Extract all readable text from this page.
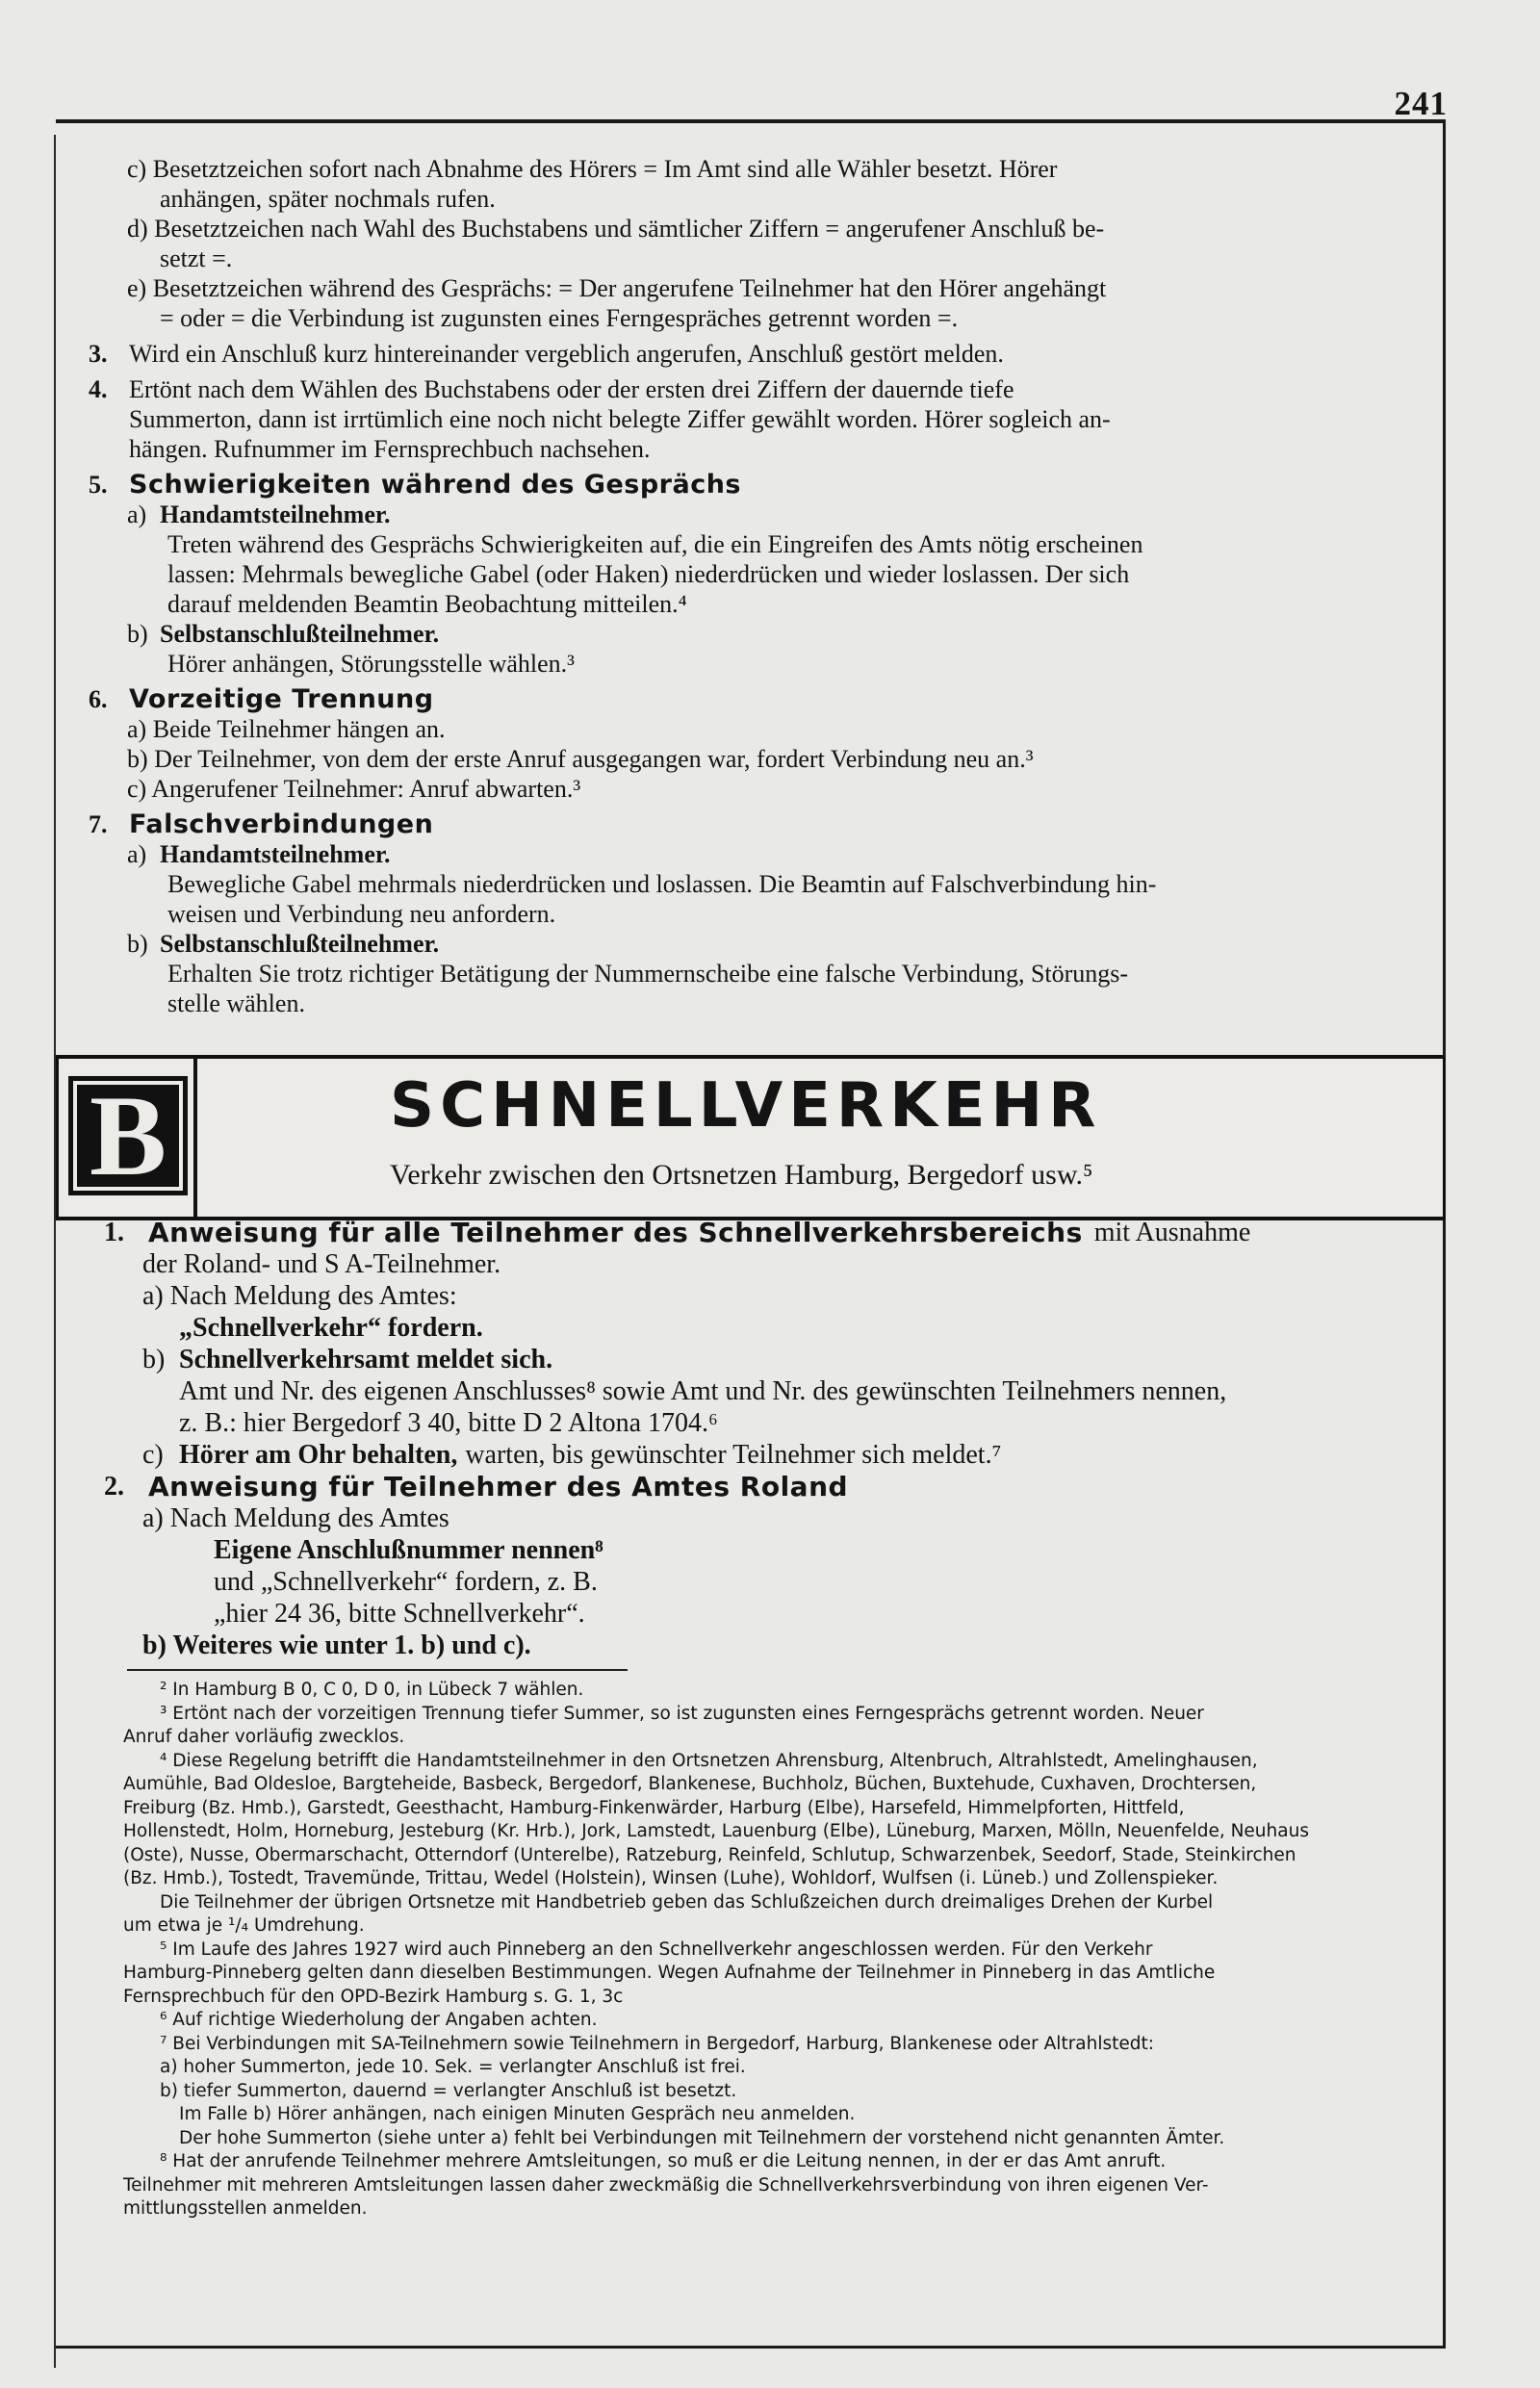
241
c) Besetztzeichen sofort nach Abnahme des Hörers = Im Amt sind alle Wähler besetzt. Hörer
anhängen, später nochmals rufen.
d) Besetztzeichen nach Wahl des Buchstabens und sämtlicher Ziffern = angerufener Anschluß be-
setzt =.
e) Besetztzeichen während des Gesprächs: = Der angerufene Teilnehmer hat den Hörer angehängt
= oder = die Verbindung ist zugunsten eines Ferngespräches getrennt worden =.
3. Wird ein Anschluß kurz hintereinander vergeblich angerufen, Anschluß gestört melden.
4. Ertönt nach dem Wählen des Buchstabens oder der ersten drei Ziffern der dauernde tiefe
Summerton, dann ist irrtümlich eine noch nicht belegte Ziffer gewählt worden. Hörer sogleich an-
hängen. Rufnummer im Fernsprechbuch nachsehen.
5. Schwierigkeiten während des Gesprächs
a) Handamtsteilnehmer.
Treten während des Gesprächs Schwierigkeiten auf, die ein Eingreifen des Amts nötig erscheinen
lassen: Mehrmals bewegliche Gabel (oder Haken) niederdrücken und wieder loslassen. Der sich
darauf meldenden Beamtin Beobachtung mitteilen.⁴
b) Selbstanschlußteilnehmer.
Hörer anhängen, Störungsstelle wählen.³
6. Vorzeitige Trennung
a) Beide Teilnehmer hängen an.
b) Der Teilnehmer, von dem der erste Anruf ausgegangen war, fordert Verbindung neu an.³
c) Angerufener Teilnehmer: Anruf abwarten.³
7. Falschverbindungen
a) Handamtsteilnehmer.
Bewegliche Gabel mehrmals niederdrücken und loslassen. Die Beamtin auf Falschverbindung hin-
weisen und Verbindung neu anfordern.
b) Selbstanschlußteilnehmer.
Erhalten Sie trotz richtiger Betätigung der Nummernscheibe eine falsche Verbindung, Störungs-
stelle wählen.
B	SCHNELLVERKEHR
Verkehr zwischen den Ortsnetzen Hamburg, Bergedorf usw.⁵
1. Anweisung für alle Teilnehmer des Schnellverkehrsbereichs mit Ausnahme
der Roland- und S A-Teilnehmer.
a) Nach Meldung des Amtes:
„Schnellverkehr“ fordern.
b) Schnellverkehrsamt meldet sich.
Amt und Nr. des eigenen Anschlusses⁸ sowie Amt und Nr. des gewünschten Teilnehmers nennen,
z. B.: hier Bergedorf 3 40, bitte D 2 Altona 1704.⁶
c) Hörer am Ohr behalten, warten, bis gewünschter Teilnehmer sich meldet.⁷
2. Anweisung für Teilnehmer des Amtes Roland
a) Nach Meldung des Amtes
Eigene Anschlußnummer nennen⁸
und „Schnellverkehr“ fordern, z. B.
„hier 24 36, bitte Schnellverkehr“.
b) Weiteres wie unter 1. b) und c).
² In Hamburg B 0, C 0, D 0, in Lübeck 7 wählen.
³ Ertönt nach der vorzeitigen Trennung tiefer Summer, so ist zugunsten eines Ferngesprächs getrennt worden. Neuer
Anruf daher vorläufig zwecklos.
⁴ Diese Regelung betrifft die Handamtsteilnehmer in den Ortsnetzen Ahrensburg, Altenbruch, Altrahlstedt, Amelinghausen,
Aumühle, Bad Oldesloe, Bargteheide, Basbeck, Bergedorf, Blankenese, Buchholz, Büchen, Buxtehude, Cuxhaven, Drochtersen,
Freiburg (Bz. Hmb.), Garstedt, Geesthacht, Hamburg-Finkenwärder, Harburg (Elbe), Harsefeld, Himmelpforten, Hittfeld,
Hollenstedt, Holm, Horneburg, Jesteburg (Kr. Hrb.), Jork, Lamstedt, Lauenburg (Elbe), Lüneburg, Marxen, Mölln, Neuenfelde, Neuhaus
(Oste), Nusse, Obermarschacht, Otterndorf (Unterelbe), Ratzeburg, Reinfeld, Schlutup, Schwarzenbek, Seedorf, Stade, Steinkirchen
(Bz. Hmb.), Tostedt, Travemünde, Trittau, Wedel (Holstein), Winsen (Luhe), Wohldorf, Wulfsen (i. Lüneb.) und Zollenspieker.
Die Teilnehmer der übrigen Ortsnetze mit Handbetrieb geben das Schlußzeichen durch dreimaliges Drehen der Kurbel
um etwa je ¹/₄ Umdrehung.
⁵ Im Laufe des Jahres 1927 wird auch Pinneberg an den Schnellverkehr angeschlossen werden. Für den Verkehr
Hamburg-Pinneberg gelten dann dieselben Bestimmungen. Wegen Aufnahme der Teilnehmer in Pinneberg in das Amtliche
Fernsprechbuch für den OPD-Bezirk Hamburg s. G. 1, 3c
⁶ Auf richtige Wiederholung der Angaben achten.
⁷ Bei Verbindungen mit SA-Teilnehmern sowie Teilnehmern in Bergedorf, Harburg, Blankenese oder Altrahlstedt:
a) hoher Summerton, jede 10. Sek. = verlangter Anschluß ist frei.
b) tiefer Summerton, dauernd = verlangter Anschluß ist besetzt.
Im Falle b) Hörer anhängen, nach einigen Minuten Gespräch neu anmelden.
Der hohe Summerton (siehe unter a) fehlt bei Verbindungen mit Teilnehmern der vorstehend nicht genannten Ämter.
⁸ Hat der anrufende Teilnehmer mehrere Amtsleitungen, so muß er die Leitung nennen, in der er das Amt anruft.
Teilnehmer mit mehreren Amtsleitungen lassen daher zweckmäßig die Schnellverkehrsverbindung von ihren eigenen Ver-
mittlungsstellen anmelden.
